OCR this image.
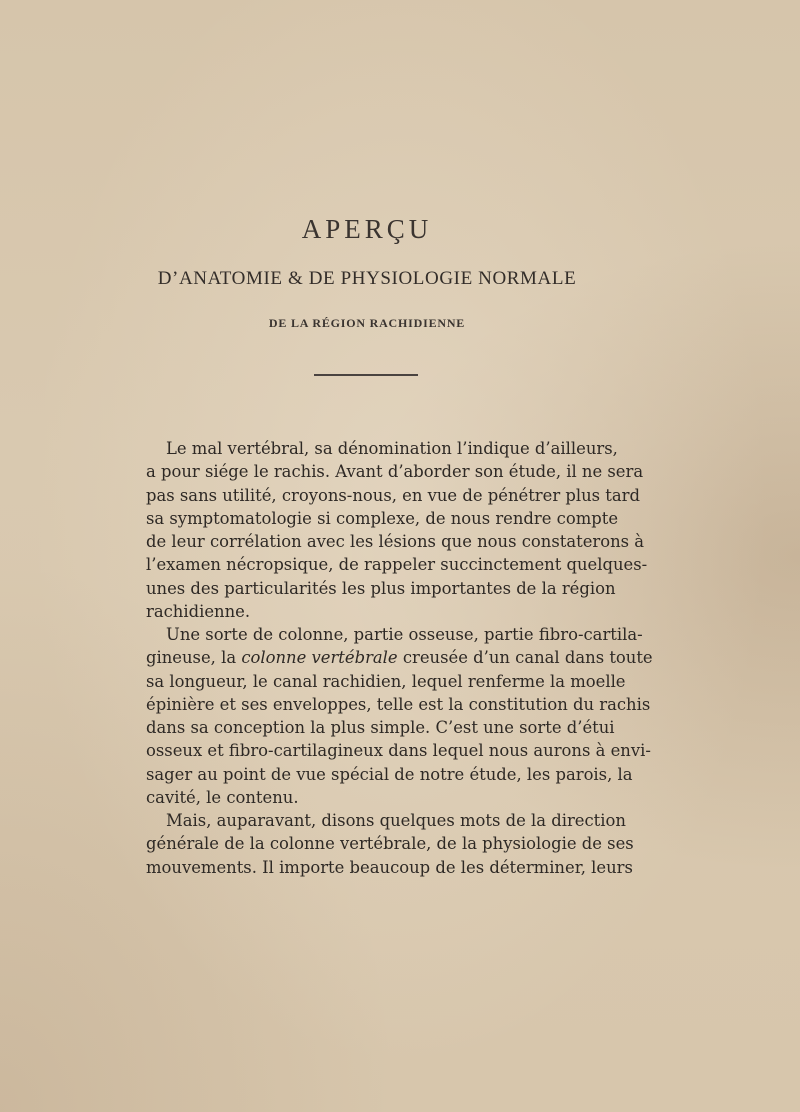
APERÇU
D’ANATOMIE & DE PHYSIOLOGIE NORMALE
DE LA RÉGION RACHIDIENNE
Le mal vertébral, sa dénomination l’indique d’ailleurs,
a pour siége le rachis. Avant d’aborder son étude, il ne sera
pas sans utilité, croyons-nous, en vue de pénétrer plus tard
sa symptomatologie si complexe, de nous rendre compte
de leur corrélation avec les lésions que nous constaterons à
l’examen nécropsique, de rappeler succinctement quelques-
unes des particularités les plus importantes de la région
rachidienne.
Une sorte de colonne, partie osseuse, partie fibro-cartila-
gineuse, la colonne vertébrale creusée d’un canal dans toute
sa longueur, le canal rachidien, lequel renferme la moelle
épinière et ses enveloppes, telle est la constitution du rachis
dans sa conception la plus simple. C’est une sorte d’étui
osseux et fibro-cartilagineux dans lequel nous aurons à envi-
sager au point de vue spécial de notre étude, les parois, la
cavité, le contenu.
Mais, auparavant, disons quelques mots de la direction
générale de la colonne vertébrale, de la physiologie de ses
mouvements. Il importe beaucoup de les déterminer, leurs
